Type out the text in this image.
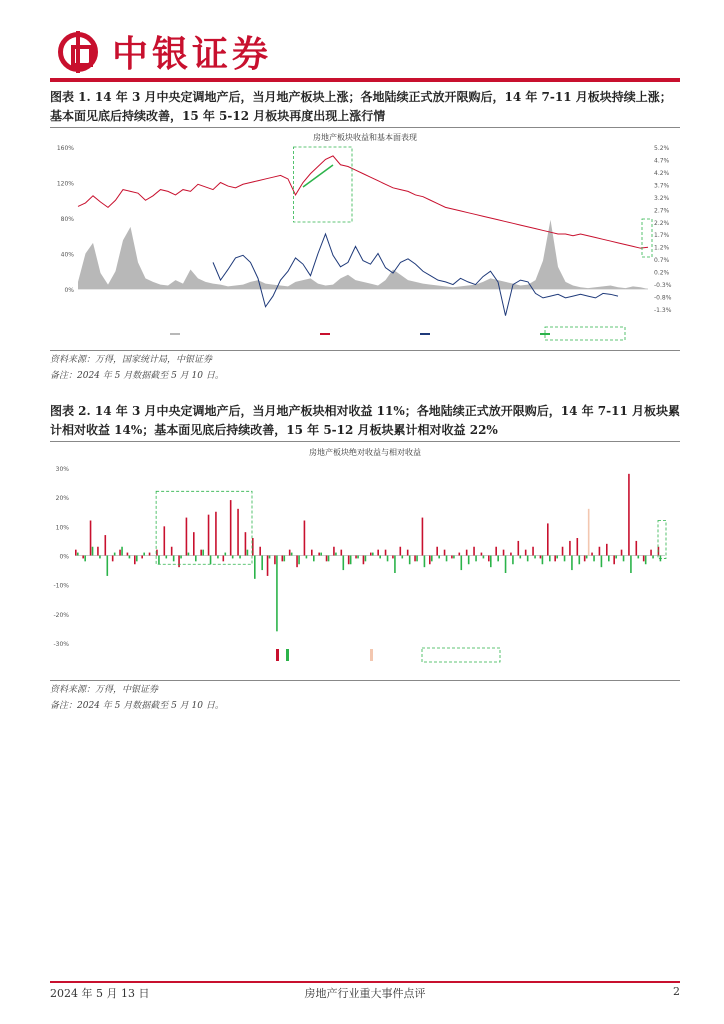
中银证券
图表 1. 14 年 3 月中央定调地产后，当月地产板块上涨；各地陆续正式放开限购后，14 年 7-11 月板块持续上涨；基本面见底后持续改善，15 年 5-12 月板块再度出现上涨行情
房地产板块收益和基本面表现
160%
120%
80%
40%
0%
5.2%
4.7%
4.2%
3.7%
3.2%
2.7%
2.2%
1.7%
1.2%
0.7%
0.2%
-0.3%
-0.8%
-1.3%
资料来源：万得，国家统计局，中银证券
备注：2024 年 5 月数据截至 5 月 10 日。
图表 2. 14 年 3 月中央定调地产后，当月地产板块相对收益 11%；各地陆续正式放开限购后，14 年 7-11 月板块累计相对收益 14%；基本面见底后持续改善，15 年 5-12 月板块累计相对收益 22%
房地产板块绝对收益与相对收益
30%
20%
10%
0%
-10%
-20%
-30%
资料来源：万得，中银证券
备注：2024 年 5 月数据截至 5 月 10 日。
2024 年 5 月 13 日	房地产行业重大事件点评	2
